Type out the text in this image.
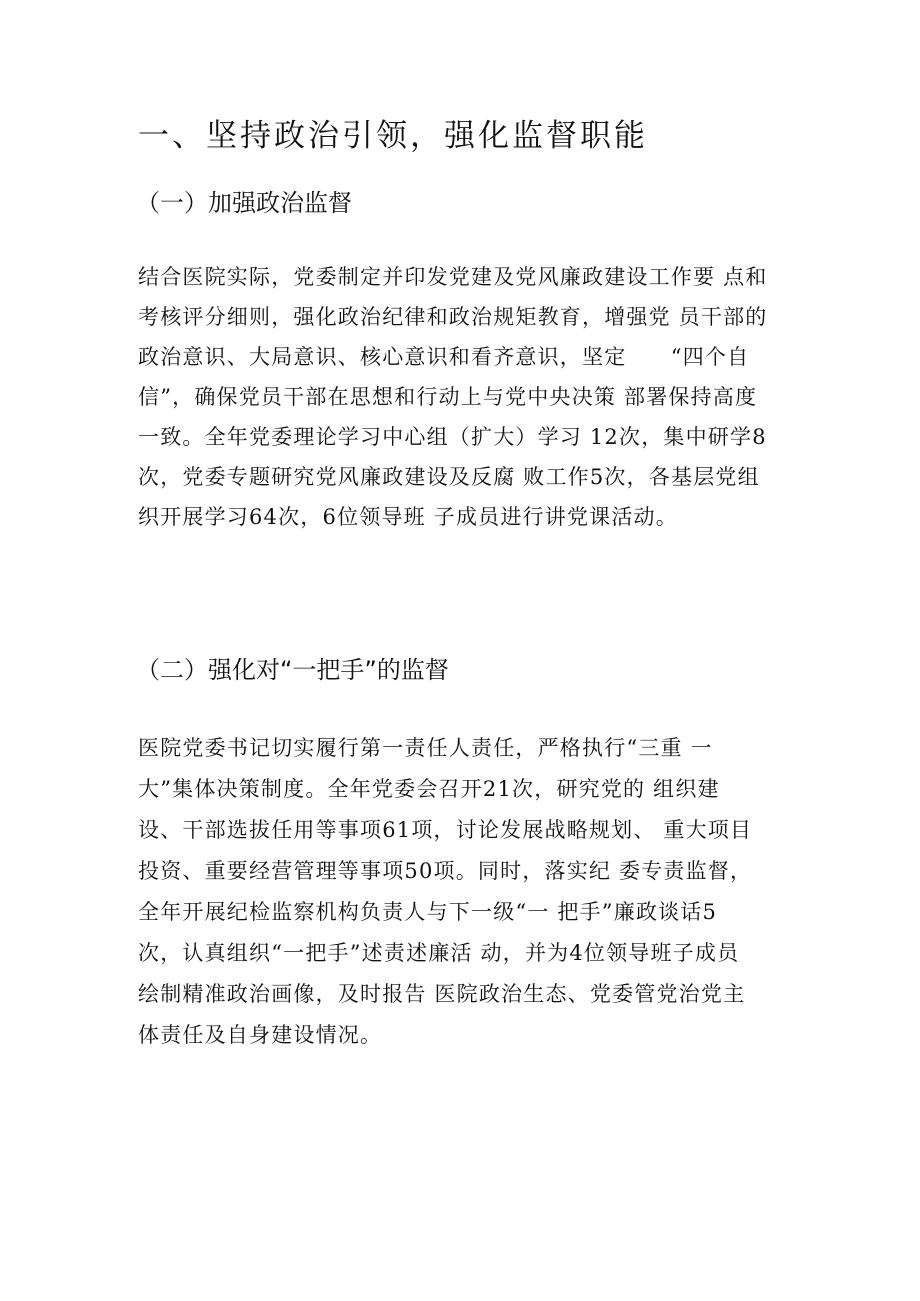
一、坚持政治引领，强化监督职能
（一）加强政治监督
结合医院实际，党委制定并印发党建及党风廉政建设工作要 点和
考核评分细则，强化政治纪律和政治规矩教育，增强党 员干部的
政治意识、大局意识、核心意识和看齐意识，坚定　　“四个自
信”，确保党员干部在思想和行动上与党中央决策 部署保持高度
一致。全年党委理论学习中心组（扩大）学习 12次，集中研学8
次，党委专题研究党风廉政建设及反腐 败工作5次，各基层党组
织开展学习64次，6位领导班 子成员进行讲党课活动。
（二）强化对“一把手”的监督
医院党委书记切实履行第一责任人责任，严格执行“三重 一
大”集体决策制度。全年党委会召开21次，研究党的 组织建
设、干部选拔任用等事项61项，讨论发展战略规划、 重大项目
投资、重要经营管理等事项50项。同时，落实纪 委专责监督，
全年开展纪检监察机构负责人与下一级“一 把手”廉政谈话5
次，认真组织“一把手”述责述廉活 动，并为4位领导班子成员
绘制精准政治画像，及时报告 医院政治生态、党委管党治党主
体责任及自身建设情况。
